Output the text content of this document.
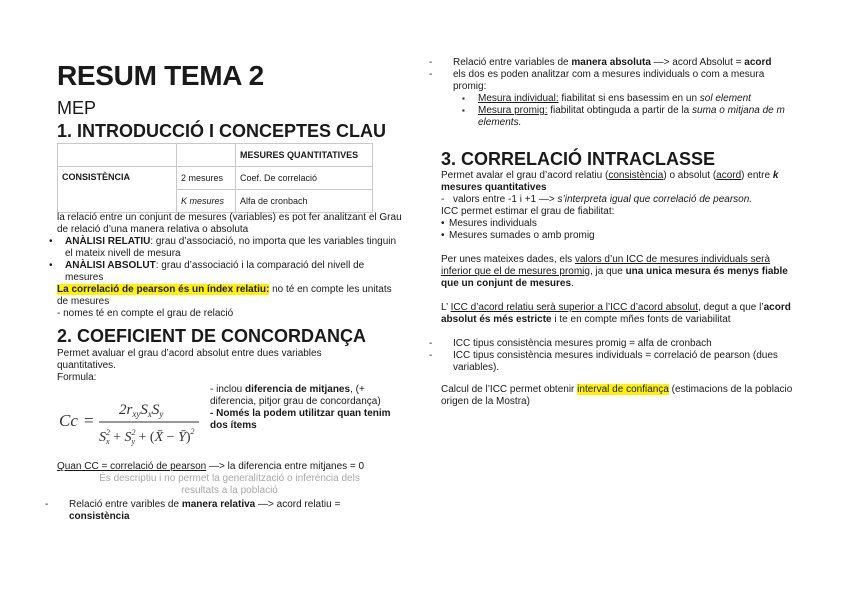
RESUM TEMA 2
MEP
1. INTRODUCCIÓ I CONCEPTES CLAU
		MESURES QUANTITATIVES
CONSISTÈNCIA	2 mesures	Coef. De correlació
	K mesures	Alfa de cronbach

la relació entre un conjunt de mesures (variables) es pot fer analitzant el Grau de relació d’una manera relativa o absoluta

• ANÀLISI RELATIU: grau d’associació, no importa que les variables tinguin el mateix nivell de mesura

• ANÀLISI ABSOLUT: grau d’associació i la comparació del nivell de mesures

La correlació de pearson és un índex relatiu: no té en compte les unitats de mesures

- nomes té en compte el grau de relació

2. COEFICIENT DE CONCORDANÇA

Permet avaluar el grau d’acord absolut entre dues variables quantitatives.

Formula:

Cc =
$2r_{xy}S_xS_y$
$S^2$ $x + S^2$ y + (X̄ − Ȳ)$^2$

- inclou diferencia de mitjanes, (+ diferencia, pitjor grau de concordança)

- Només la podem utilitzar quan tenim dos ítems

Quan CC = correlació de pearson —> la diferencia entre mitjanes = 0

És descriptiu i no permet la generalització o inferència dels

resultats a la població

- Relació entre varibles de manera relativa —> acord relatiu = consistència

- Relació entre variables de manera absoluta —> acord Absolut = acord

- els dos es poden analitzar com a mesures individuals o com a mesura promig:

▪ Mesura individual: fiabilitat si ens basessim en un sol element

▪ Mesura promig: fiabilitat obtinguda a partir de la suma o mitjana de m elements.

3. CORRELACIÓ INTRACLASSE

Permet avalar el grau d’acord relatiu (consistència) o absolut (acord) entre k mesures quantitatives

- valors entre -1 i +1 —> s’interpreta igual que correlació de pearson.

ICC permet estimar el grau de fiabilitat:

• Mesures individuals

• Mesures sumades o amb promig

Per unes mateixes dades, els valors d’un ICC de mesures individuals serà inferior que el de mesures promig, ja que una unica mesura és menys fiable que un conjunt de mesures.

L’ ICC d’acord relatiu serà superior a l’ICC d’acord absolut, degut a que l’acord absolut és més estricte i te en compte mñes fonts de variabilitat

- ICC tipus consistència mesures promig = alfa de cronbach

- ICC tipus consistència mesures individuals = correlació de pearson (dues variables).

Calcul de l’ICC permet obtenir interval de confiança (estimacions de la poblacio origen de la Mostra)
